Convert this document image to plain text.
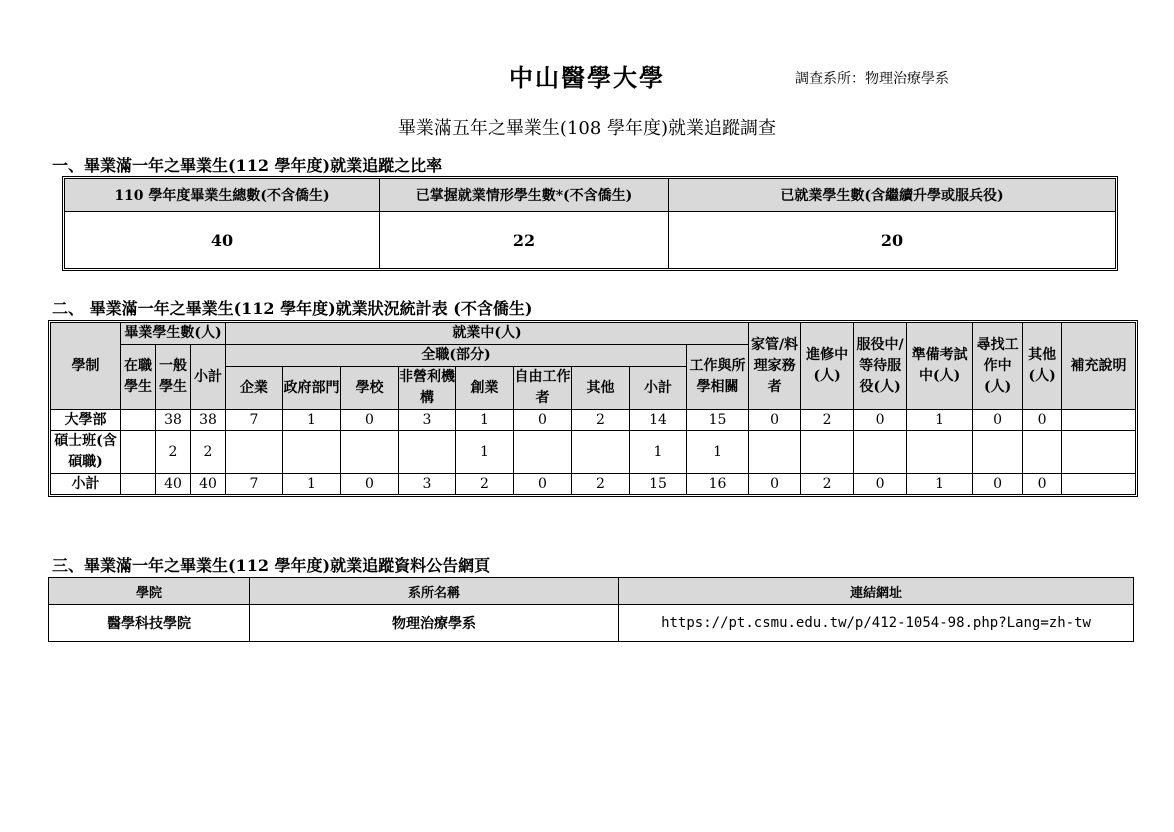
中山醫學大學	調查系所：物理治療學系
畢業滿五年之畢業生(108 學年度)就業追蹤調查
一、畢業滿一年之畢業生(112 學年度)就業追蹤之比率
110 學年度畢業生總數(不含僑生)	已掌握就業情形學生數*(不含僑生)	已就業學生數(含繼續升學或服兵役)
40	22	20
二、 畢業滿一年之畢業生(112 學年度)就業狀況統計表 (不含僑生)
學制	畢業學生數(人)			就業中(人)									家管/料理家務者	進修中(人)	服役中/等待服役(人)	準備考試中(人)	尋找工作中(人)	其他(人)	補充說明
	在職學生	一般學生	小計	全職(部分)								工作與所學相關							
				企業	政府部門	學校	非營利機構	創業	自由工作者	其他	小計								
大學部		38	38	7	1	0	3	1	0	2	14	15	0	2	0	1	0	0	
碩士班(含碩職)		2	2					1			1	1							
小計		40	40	7	1	0	3	2	0	2	15	16	0	2	0	1	0	0	
三、畢業滿一年之畢業生(112 學年度)就業追蹤資料公告網頁
學院	系所名稱	連結網址
醫學科技學院	物理治療學系	https://pt.csmu.edu.tw/p/412-1054-98.php?Lang=zh-tw
